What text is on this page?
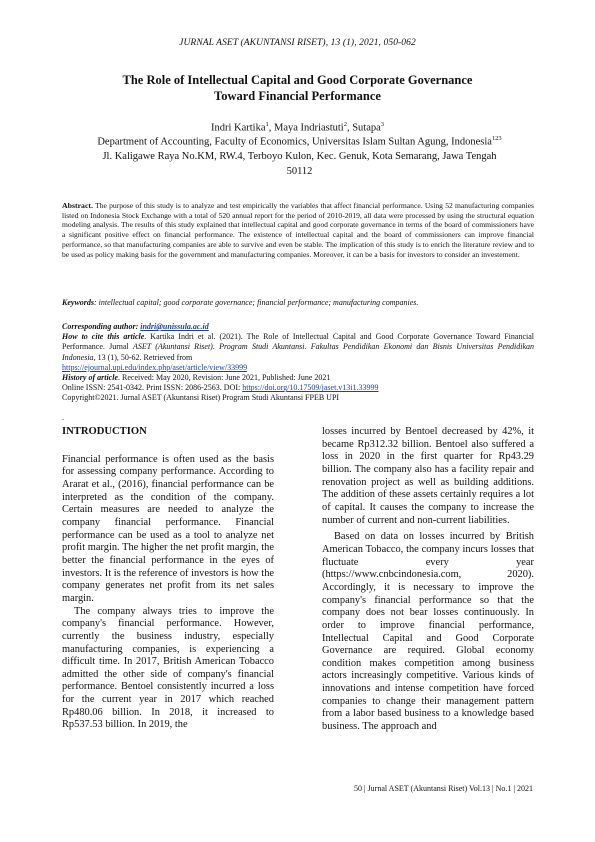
JURNAL ASET (AKUNTANSI RISET), 13 (1), 2021, 050-062
The Role of Intellectual Capital and Good Corporate Governance
Toward Financial Performance
Indri Kartika$^1$, Maya Indriastuti$^2$, Sutapa$^3$
Department of Accounting, Faculty of Economics, Universitas Islam Sultan Agung, Indonesia$^{123}$
Jl. Kaligawe Raya No.KM, RW.4, Terboyo Kulon, Kec. Genuk, Kota Semarang, Jawa Tengah
50112
Abstract. The purpose of this study is to analyze and test empirically the variables that affect financial performance. Using 52 manufacturing companies listed on Indonesia Stock Exchange with a total of 520 annual report for the period of 2010-2019, all data were processed by using the structural equation modeling analysis. The results of this study explained that intellectual capital and good corporate governance in terms of the board of commissioners have a significant positive effect on financial performance. The existence of intellectual capital and the board of commissioners can improve financial performance, so that manufacturing companies are able to survive and even be stable. The implication of this study is to enrich the literature review and to be used as policy making basis for the government and manufacturing companies. Moreover, it can be a basis for investors to consider an investement.
Keywords: intellectual capital; good corporate governance; financial performance; manufacturing companies.
Corresponding author: indri@unissula.ac.id
How to cite this article. Kartika Indri et al. (2021). The Role of Intellectual Capital and Good Corporate Governance Toward Financial Performance. Jurnal ASET (Akuntansi Riset). Program Studi Akuntansi. Fakultas Pendidikan Ekonomi dan Bisnis Universitas Pendidikan Indonesia, 13 (1), 50-62. Retrieved from
https://ejournal.upi.edu/index.php/aset/article/view/33999
History of article. Received: May 2020, Revision: June 2021, Published: June 2021
Online ISSN: 2541-0342. Print ISSN: 2086-2563. DOI: https://doi.org/10.17509/jaset.v13i1.33999
Copyright©2021. Jurnal ASET (Akuntansi Riset) Program Studi Akuntansi FPEB UPI
.

INTRODUCTION

Financial performance is often used as the basis for assessing company performance. According to Ararat et al., (2016), financial performance can be interpreted as the condition of the company. Certain measures are needed to analyze the company financial performance. Financial performance can be used as a tool to analyze net profit margin. The higher the net profit margin, the better the financial performance in the eyes of investors. It is the reference of investors is how the company generates net profit from its net sales margin.

The company always tries to improve the company's financial performance. However, currently the business industry, especially manufacturing companies, is experiencing a difficult time. In 2017, British American Tobacco admitted the other side of company's financial performance. Bentoel consistently incurred a loss for the current year in 2017 which reached Rp480.06 billion. In 2018, it increased to Rp537.53 billion. In 2019, the

losses incurred by Bentoel decreased by 42%, it became Rp312.32 billion. Bentoel also suffered a loss in 2020 in the first quarter for Rp43.29 billion. The company also has a facility repair and renovation project as well as building additions. The addition of these assets certainly requires a lot of capital. It causes the company to increase the number of current and non-current liabilities.

Based on data on losses incurred by British American Tobacco, the company incurs losses that fluctuate every year (https://www.cnbcindonesia.com, 2020). Accordingly, it is necessary to improve the company's financial performance so that the company does not bear losses continuously. In order to improve financial performance, Intellectual Capital and Good Corporate Governance are required. Global economy condition makes competition among business actors increasingly competitive. Various kinds of innovations and intense competition have forced companies to change their management pattern from a labor based business to a knowledge based business. The approach and

50 | Jurnal ASET (Akuntansi Riset) Vol.13 | No.1 | 2021
